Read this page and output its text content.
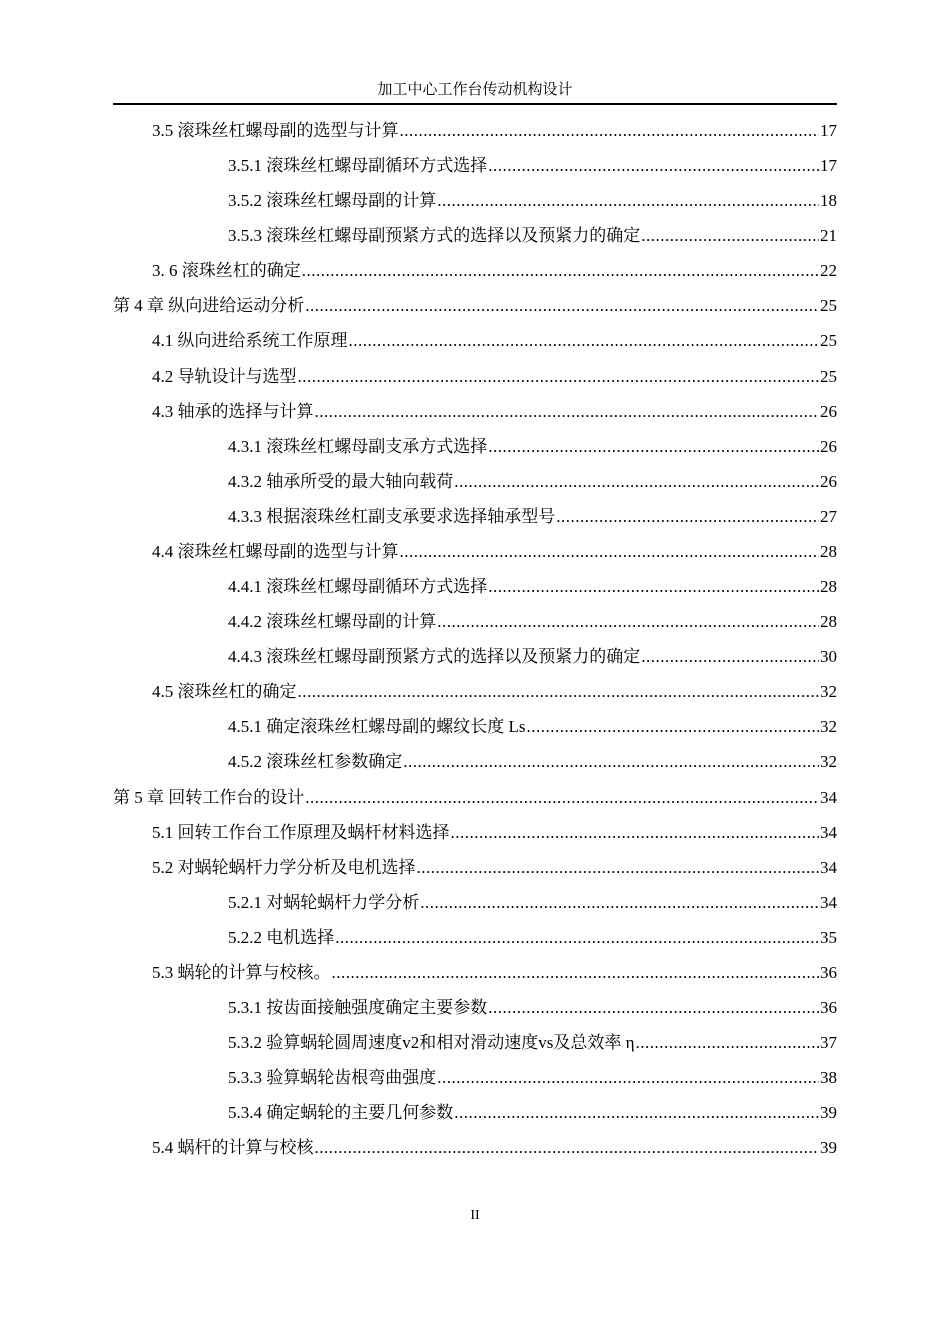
加工中心工作台传动机构设计
3.5 滚珠丝杠螺母副的选型与计算 .....	17
3.5.1 滚珠丝杠螺母副循环方式选择 .....	17
3.5.2 滚珠丝杠螺母副的计算 .....	18
3.5.3 滚珠丝杠螺母副预紧方式的选择以及预紧力的确定 .....	21
3. 6 滚珠丝杠的确定 .....	22
第 4 章 纵向进给运动分析 .....	25
4.1 纵向进给系统工作原理 .....	25
4.2 导轨设计与选型 .....	25
4.3 轴承的选择与计算 .....	26
4.3.1 滚珠丝杠螺母副支承方式选择 .....	26
4.3.2 轴承所受的最大轴向载荷 .....	26
4.3.3 根据滚珠丝杠副支承要求选择轴承型号 .....	27
4.4 滚珠丝杠螺母副的选型与计算 .....	28
4.4.1 滚珠丝杠螺母副循环方式选择 .....	28
4.4.2 滚珠丝杠螺母副的计算 .....	28
4.4.3 滚珠丝杠螺母副预紧方式的选择以及预紧力的确定 .....	30
4.5 滚珠丝杠的确定 .....	32
4.5.1 确定滚珠丝杠螺母副的螺纹长度 Ls .....	32
4.5.2 滚珠丝杠参数确定 .....	32
第 5 章 回转工作台的设计 .....	34
5.1 回转工作台工作原理及蜗杆材料选择 .....	34
5.2 对蜗轮蜗杆力学分析及电机选择 .....	34
5.2.1 对蜗轮蜗杆力学分析 .....	34
5.2.2 电机选择 .....	35
5.3 蜗轮的计算与校核。 .....	36
5.3.1 按齿面接触强度确定主要参数 .....	36
5.3.2 验算蜗轮圆周速度v2和相对滑动速度vs及总效率 η .....	37
5.3.3 验算蜗轮齿根弯曲强度 .....	38
5.3.4 确定蜗轮的主要几何参数 .....	39
5.4 蜗杆的计算与校核 .....	39
II
